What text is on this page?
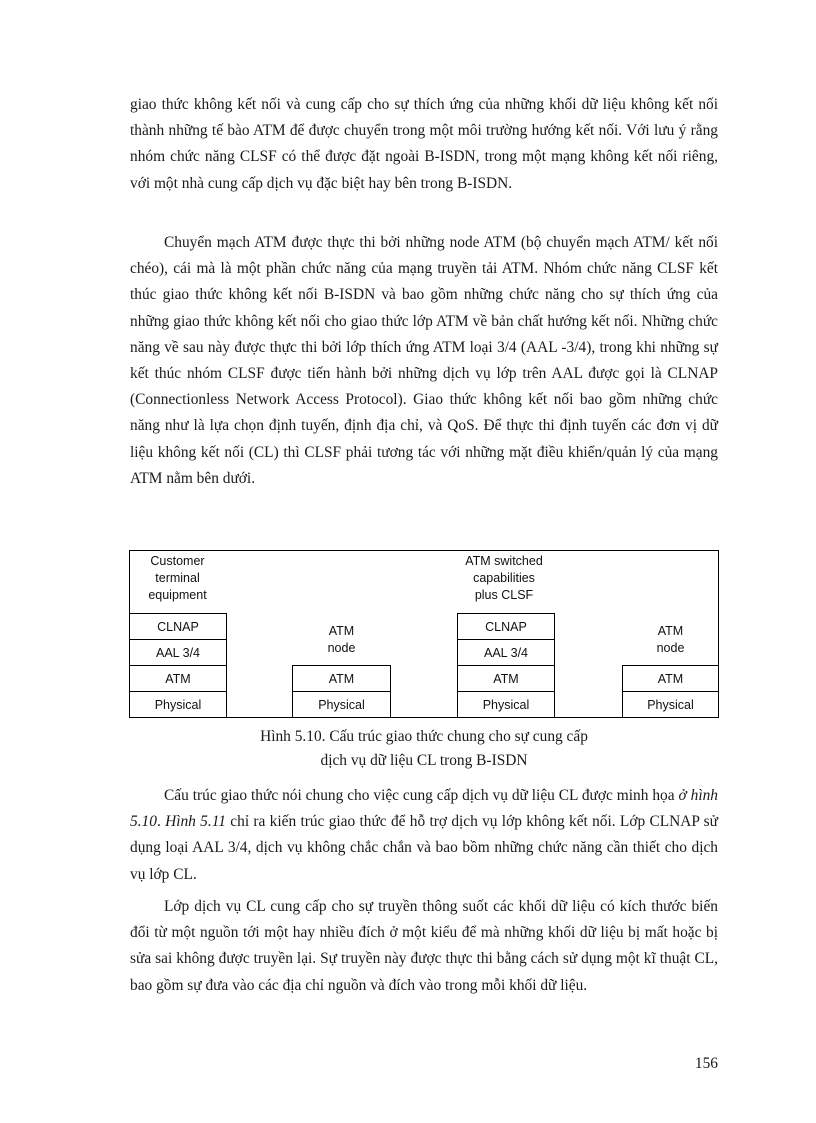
giao thức không kết nối và cung cấp cho sự thích ứng của những khối dữ liệu không kết nối thành những tế bào ATM để được chuyển trong một môi trường hướng kết nối. Với lưu ý rằng nhóm chức năng CLSF có thể được đặt ngoài B-ISDN, trong một mạng không kết nối riêng, với một nhà cung cấp dịch vụ đặc biệt hay bên trong B-ISDN.

Chuyển mạch ATM được thực thi bởi những node ATM (bộ chuyển mạch ATM/ kết nối chéo), cái mà là một phần chức năng của mạng truyền tải ATM. Nhóm chức năng CLSF kết thúc giao thức không kết nối B-ISDN và bao gồm những chức năng cho sự thích ứng của những giao thức không kết nối cho giao thức lớp ATM về bản chất hướng kết nối. Những chức năng về sau này được thực thi bởi lớp thích ứng ATM loại 3/4 (AAL -3/4), trong khi những sự kết thúc nhóm CLSF được tiến hành bởi những dịch vụ lớp trên AAL được gọi là CLNAP (Connectionless Network Access Protocol). Giao thức không kết nối bao gồm những chức năng như là lựa chọn định tuyến, định địa chỉ, và QoS. Để thực thi định tuyến các đơn vị dữ liệu không kết nối (CL) thì CLSF phải tương tác với những mặt điều khiển/quản lý của mạng ATM nằm bên dưới.

Customer
terminal
equipment
CLNAP
AAL 3/4
ATM
Physical
ATM
node
ATM
Physical
ATM switched
capabilities
plus CLSF
CLNAP
AAL 3/4
ATM
Physical
ATM
node
ATM
Physical
Hình 5.10. Cấu trúc giao thức chung cho sự cung cấp
dịch vụ dữ liệu CL trong B-ISDN

Cấu trúc giao thức nói chung cho việc cung cấp dịch vụ dữ liệu CL được minh họa ở hình 5.10. Hình 5.11 chỉ ra kiến trúc giao thức để hỗ trợ dịch vụ lớp không kết nối. Lớp CLNAP sử dụng loại AAL 3/4, dịch vụ không chắc chắn và bao bồm những chức năng cần thiết cho dịch vụ lớp CL.

Lớp dịch vụ CL cung cấp cho sự truyền thông suốt các khối dữ liệu có kích thước biến đổi từ một nguồn tới một hay nhiều đích ở một kiểu để mà những khối dữ liệu bị mất hoặc bị sửa sai không được truyền lại. Sự truyền này được thực thi bằng cách sử dụng một kĩ thuật CL, bao gồm sự đưa vào các địa chỉ nguồn và đích vào trong mỗi khối dữ liệu.

156
